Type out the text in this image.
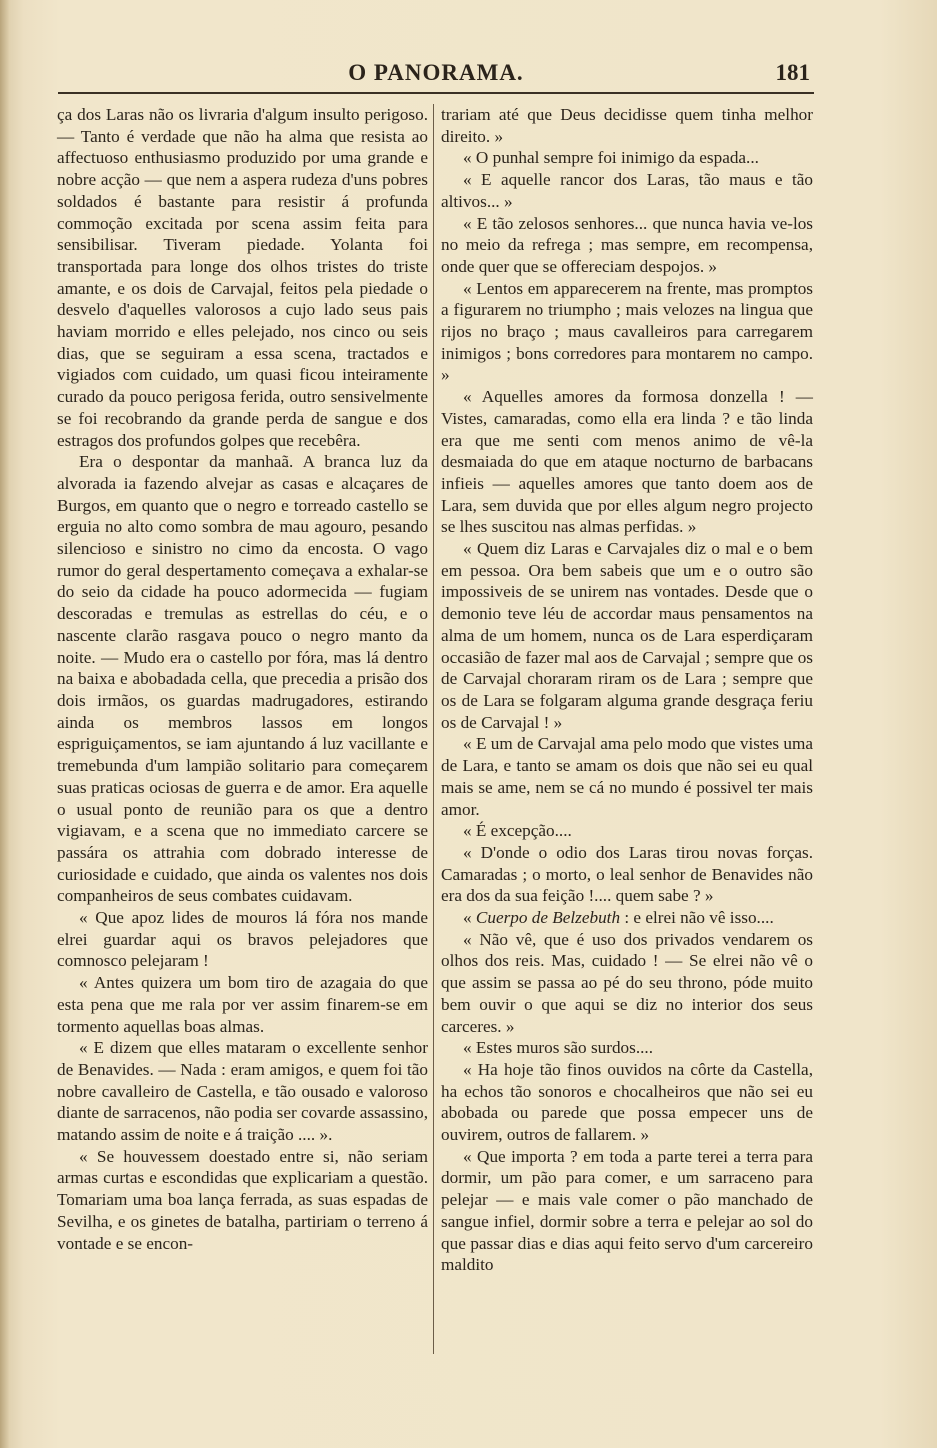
O PANORAMA.	181

ça dos Laras não os livraria d'algum insulto perigoso. — Tanto é verdade que não ha alma que resista ao affectuoso enthusiasmo produzido por uma grande e nobre acção — que nem a aspera rudeza d'uns pobres soldados é bastante para resistir á profunda commoção excitada por scena assim feita para sensibilisar. Tiveram piedade. Yolanta foi transportada para longe dos olhos tristes do triste amante, e os dois de Carvajal, feitos pela piedade o desvelo d'aquelles valorosos a cujo lado seus pais haviam morrido e elles pelejado, nos cinco ou seis dias, que se seguiram a essa scena, tractados e vigiados com cuidado, um quasi ficou inteiramente curado da pouco perigosa ferida, outro sensivelmente se foi recobrando da grande perda de sangue e dos estragos dos profundos golpes que recebêra.

Era o despontar da manhaã. A branca luz da alvorada ia fazendo alvejar as casas e alcaçares de Burgos, em quanto que o negro e torreado castello se erguia no alto como sombra de mau agouro, pesando silencioso e sinistro no cimo da encosta. O vago rumor do geral despertamento começava a exhalar-se do seio da cidade ha pouco adormecida — fugiam descoradas e tremulas as estrellas do céu, e o nascente clarão rasgava pouco o negro manto da noite. — Mudo era o castello por fóra, mas lá dentro na baixa e abobadada cella, que precedia a prisão dos dois irmãos, os guardas madrugadores, estirando ainda os membros lassos em longos espriguiçamentos, se iam ajuntando á luz vacillante e tremebunda d'um lampião solitario para começarem suas praticas ociosas de guerra e de amor. Era aquelle o usual ponto de reunião para os que a dentro vigiavam, e a scena que no immediato carcere se passára os attrahia com dobrado interesse de curiosidade e cuidado, que ainda os valentes nos dois companheiros de seus combates cuidavam.

« Que apoz lides de mouros lá fóra nos mande elrei guardar aqui os bravos pelejadores que comnosco pelejaram !

« Antes quizera um bom tiro de azagaia do que esta pena que me rala por ver assim finarem-se em tormento aquellas boas almas.

« E dizem que elles mataram o excellente senhor de Benavides. — Nada : eram amigos, e quem foi tão nobre cavalleiro de Castella, e tão ousado e valoroso diante de sarracenos, não podia ser covarde assassino, matando assim de noite e á traição .... ».

« Se houvessem doestado entre si, não seriam armas curtas e escondidas que explicariam a questão. Tomariam uma boa lança ferrada, as suas espadas de Sevilha, e os ginetes de batalha, partiriam o terreno á vontade e se encon-

trariam até que Deus decidisse quem tinha melhor direito. »

« O punhal sempre foi inimigo da espada...

« E aquelle rancor dos Laras, tão maus e tão altivos... »

« E tão zelosos senhores... que nunca havia ve-los no meio da refrega ; mas sempre, em recompensa, onde quer que se offereciam despojos. »

« Lentos em apparecerem na frente, mas promptos a figurarem no triumpho ; mais velozes na lingua que rijos no braço ; maus cavalleiros para carregarem inimigos ; bons corredores para montarem no campo. »

« Aquelles amores da formosa donzella ! — Vistes, camaradas, como ella era linda ? e tão linda era que me senti com menos animo de vê-la desmaiada do que em ataque nocturno de barbacans infieis — aquelles amores que tanto doem aos de Lara, sem duvida que por elles algum negro projecto se lhes suscitou nas almas perfidas. »

« Quem diz Laras e Carvajales diz o mal e o bem em pessoa. Ora bem sabeis que um e o outro são impossiveis de se unirem nas vontades. Desde que o demonio teve léu de accordar maus pensamentos na alma de um homem, nunca os de Lara esperdiçaram occasião de fazer mal aos de Carvajal ; sempre que os de Carvajal choraram riram os de Lara ; sempre que os de Lara se folgaram alguma grande desgraça feriu os de Carvajal ! »

« E um de Carvajal ama pelo modo que vistes uma de Lara, e tanto se amam os dois que não sei eu qual mais se ame, nem se cá no mundo é possivel ter mais amor.

« É excepção....

« D'onde o odio dos Laras tirou novas forças. Camaradas ; o morto, o leal senhor de Benavides não era dos da sua feição !.... quem sabe ? »

« Cuerpo de Belzebuth : e elrei não vê isso....

« Não vê, que é uso dos privados vendarem os olhos dos reis. Mas, cuidado ! — Se elrei não vê o que assim se passa ao pé do seu throno, póde muito bem ouvir o que aqui se diz no interior dos seus carceres. »

« Estes muros são surdos....

« Ha hoje tão finos ouvidos na côrte da Castella, ha echos tão sonoros e chocalheiros que não sei eu abobada ou parede que possa empecer uns de ouvirem, outros de fallarem. »

« Que importa ? em toda a parte terei a terra para dormir, um pão para comer, e um sarraceno para pelejar — e mais vale comer o pão manchado de sangue infiel, dormir sobre a terra e pelejar ao sol do que passar dias e dias aqui feito servo d'um carcereiro maldito
